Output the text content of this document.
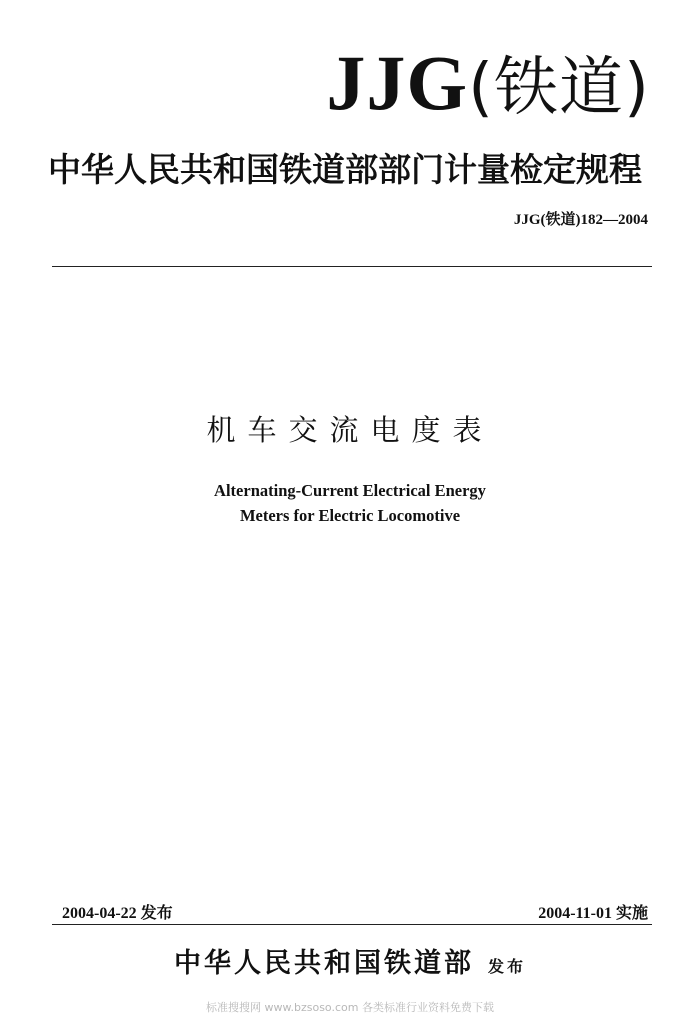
JJG(铁道)
中华人民共和国铁道部部门计量检定规程
JJG(铁道)182—2004
机车交流电度表
Alternating-Current Electrical Energy
Meters for Electric Locomotive
2004-04-22 发布	2004-11-01 实施
中华人民共和国铁道部 发布
标准搜搜网 www.bzsoso.com 各类标准行业资料免费下载
